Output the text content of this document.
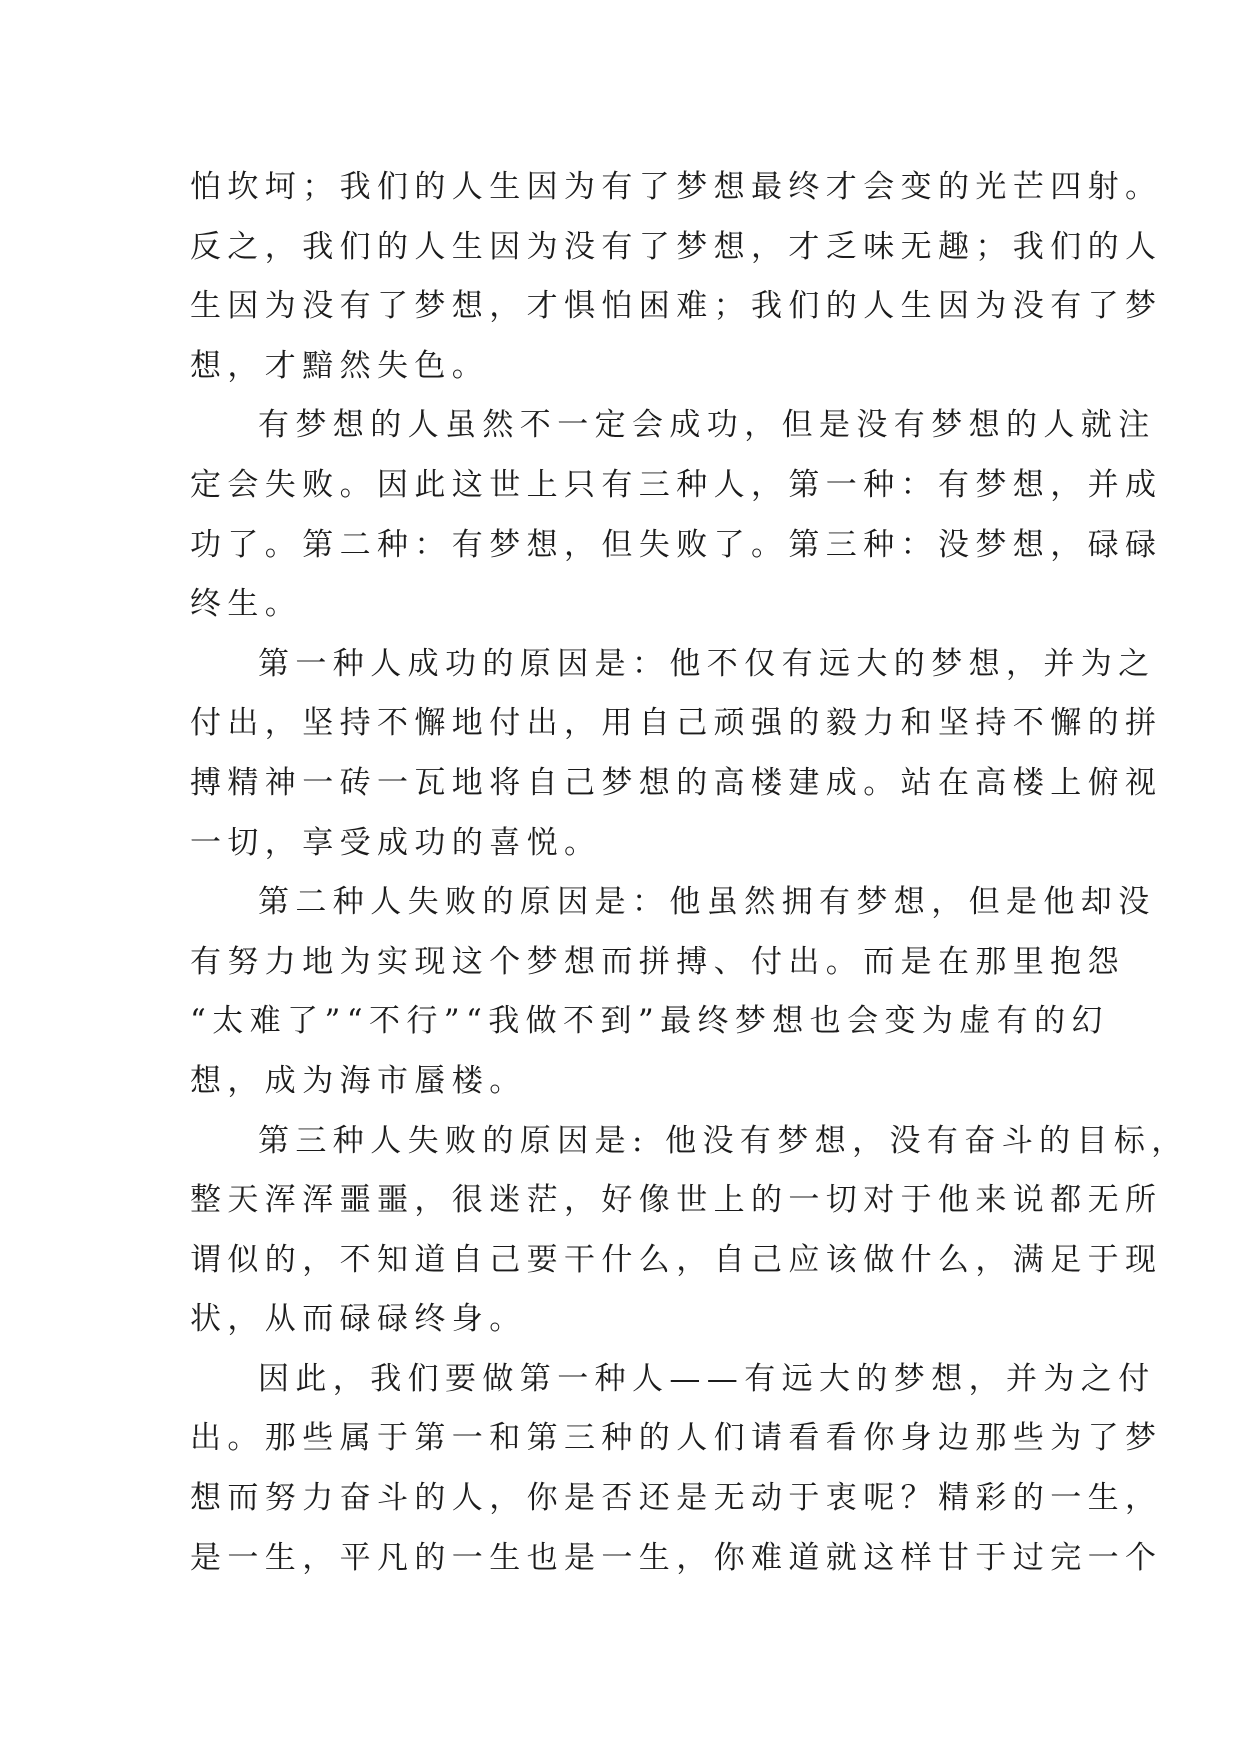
怕坎坷；我们的人生因为有了梦想最终才会变的光芒四射。
反之，我们的人生因为没有了梦想，才乏味无趣；我们的人
生因为没有了梦想，才惧怕困难；我们的人生因为没有了梦
想，才黯然失色。
有梦想的人虽然不一定会成功，但是没有梦想的人就注
定会失败。因此这世上只有三种人，第一种：有梦想，并成
功了。第二种：有梦想，但失败了。第三种：没梦想，碌碌
终生。
第一种人成功的原因是：他不仅有远大的梦想，并为之
付出，坚持不懈地付出，用自己顽强的毅力和坚持不懈的拼
搏精神一砖一瓦地将自己梦想的高楼建成。站在高楼上俯视
一切，享受成功的喜悦。
第二种人失败的原因是：他虽然拥有梦想，但是他却没
有努力地为实现这个梦想而拼搏、付出。而是在那里抱怨
“太难了”“不行”“我做不到”最终梦想也会变为虚有的幻
想，成为海市蜃楼。
第三种人失败的原因是: 他没有梦想，没有奋斗的目标，
整天浑浑噩噩，很迷茫，好像世上的一切对于他来说都无所
谓似的，不知道自己要干什么，自己应该做什么，满足于现
状，从而碌碌终身。
因此，我们要做第一种人——有远大的梦想，并为之付
出。那些属于第一和第三种的人们请看看你身边那些为了梦
想而努力奋斗的人，你是否还是无动于衷呢？精彩的一生，
是一生，平凡的一生也是一生，你难道就这样甘于过完一个
